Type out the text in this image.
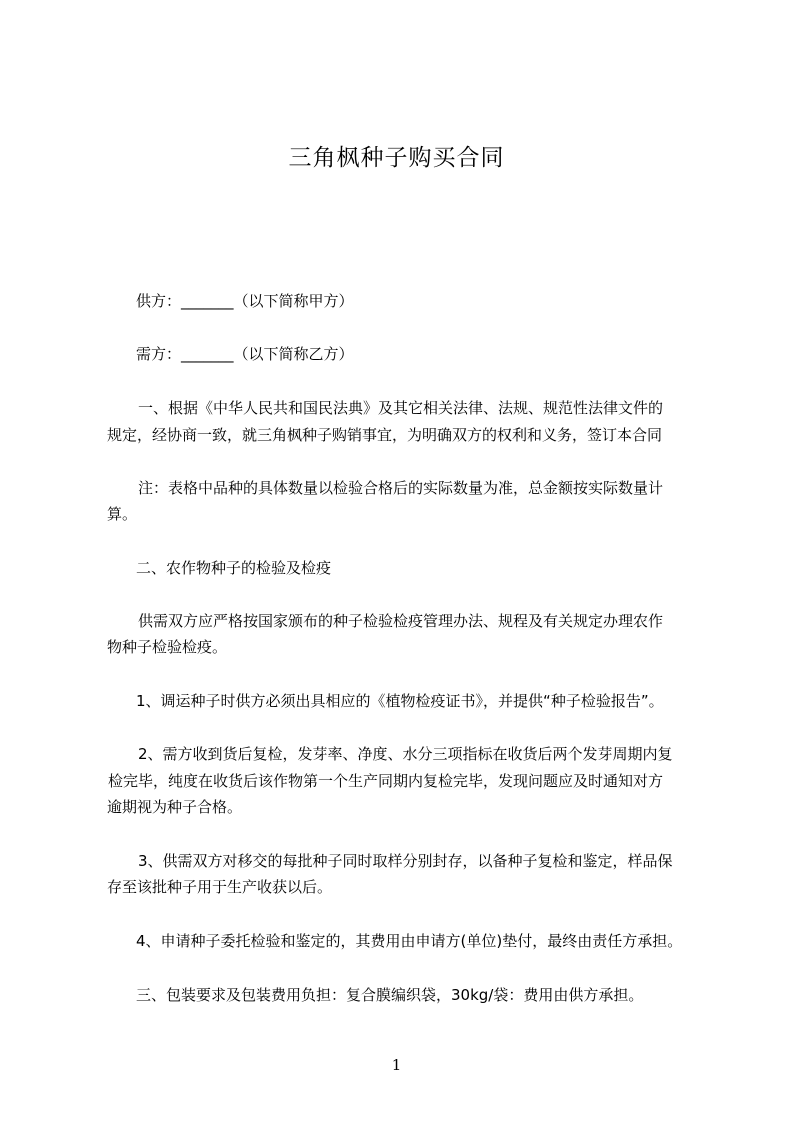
三角枫种子购买合同
供方：_______（以下简称甲方）
需方：_______（以下简称乙方）
一、根据《中华人民共和国民法典》及其它相关法律、法规、规范性法律文件的
规定，经协商一致，就三角枫种子购销事宜，为明确双方的权利和义务，签订本合同
注：表格中品种的具体数量以检验合格后的实际数量为准，总金额按实际数量计
算。
二、农作物种子的检验及检疫
供需双方应严格按国家颁布的种子检验检疫管理办法、规程及有关规定办理农作
物种子检验检疫。
1、调运种子时供方必须出具相应的《植物检疫证书》，并提供“种子检验报告”。
2、需方收到货后复检，发芽率、净度、水分三项指标在收货后两个发芽周期内复
检完毕，纯度在收货后该作物第一个生产同期内复检完毕，发现问题应及时通知对方
逾期视为种子合格。
3、供需双方对移交的每批种子同时取样分别封存，以备种子复检和鉴定，样品保
存至该批种子用于生产收获以后。
4、申请种子委托检验和鉴定的，其费用由申请方(单位)垫付，最终由责任方承担。
三、包装要求及包装费用负担：复合膜编织袋，30kg/袋：费用由供方承担。
1
